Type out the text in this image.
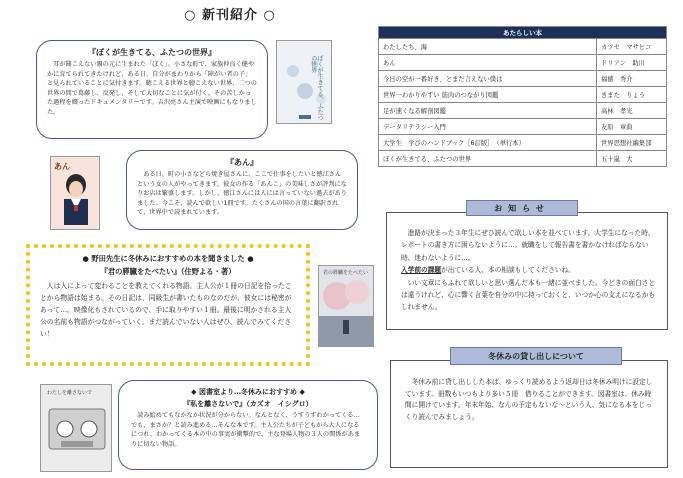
○ 新刊紹介 ○
『ぼくが生きてる、ふたつの世界』
耳が聞こえない親の元に生まれた「ぼく」。小さな町で、家族仲良く健やかに育てられてきたけれど、ある日、自分がまわりから「障がい者の子」と見られていることに気付きます。聴こえる世界と聴こえない世界、二つの世界の間で葛藤し、反発し、そして大切なことに気が付く。その苦しかった過程を綴ったドキュメンタリーです。吉沢亮さん主演で映画にもなりました。	ぼくが生きてる、ふたつの世界
あん	『あん』
ある日、町の小さなどら焼き屋さんに、ここで仕事をしたいと徳江さんという女の人がやってきます。彼女の作る「あんこ」の美味しさが評判になりお店は繁盛します。しかし、徳江さんには人には言っていない過去がありました。今こそ、読んで欲しい1冊です。たくさんの国の言葉に翻訳されて、世界中で読まれています。
● 野田先生に冬休みにおすすめの本を聞きました ●
『君の膵臓をたべたい』（住野よる・著）
人は人によって変わることを教えてくれる物語。主人公が１冊の日記を拾ったことから物語は始まる。その日記は、同級生が書いたものなのだが、彼女には秘密があって…。映像化もされているので、手に取りやすい１冊。最後に明かされる主人公の名前も物語がつながっていく。まだ読んでいない人はぜひ、読んでみてください！
君の膵臓をたべたい
わたしを離さないで	◆ 図書室より…冬休みにおすすめ ◆
『私を離さないで』（カズオ　イシグロ）
読み始めてもなかなか状況が分からない。なんとなく、うすうすわかってくる…でも、まさか？と読み進める…そんな本です。主人公たちが子どもから大人になるにつれ、わかってくる本の中の事実が衝撃的で、主な登場人物の３人の関係があまりに切ない物語。
あたらしい本	
わたしたち、海	カツセ　マサヒコ
あん	ドリアン　助川
今日の空が一番好き、とまだ言えない僕は	福徳　秀介
世界一わかりやすい 筋肉のつながり図鑑	きまた　りょう
足が速くなる解剖図鑑	高林　孝光
データリテラシー入門	友原　章典
大学生　学びのハンドブック［6訂版］　（単行本）	世界思想社編集部
ぼくが生きてる、ふたつの世界	五十嵐　大
進路が決まった３年生にぜひ読んで欲しい本を並べています。大学生になった時、レポートの書き方に困らないように…。就職をして報告書を書かなければならない時、迷わないように…。
入学前の課題が出ている人、本の相談もしてくださいね。
いい文章にもふれて欲しいと思い選んだ本も一緒に並べました。今どきの面白さとは違うけれど、心に響く言葉を自分の中に持っておくと、いつか心の支えになるかもしれません。
お知らせ
冬休み前に貸し出しした本は、ゆっくり読めるよう返却日は冬休み明けに設定しています。冊数もいつもより多い５冊　借りることができます。図書室は、休み時間に開けています。年末年始、なんの予定もないな～という人、気になる本をじっくり読んでみましょう。
冬休みの貸し出しについて
